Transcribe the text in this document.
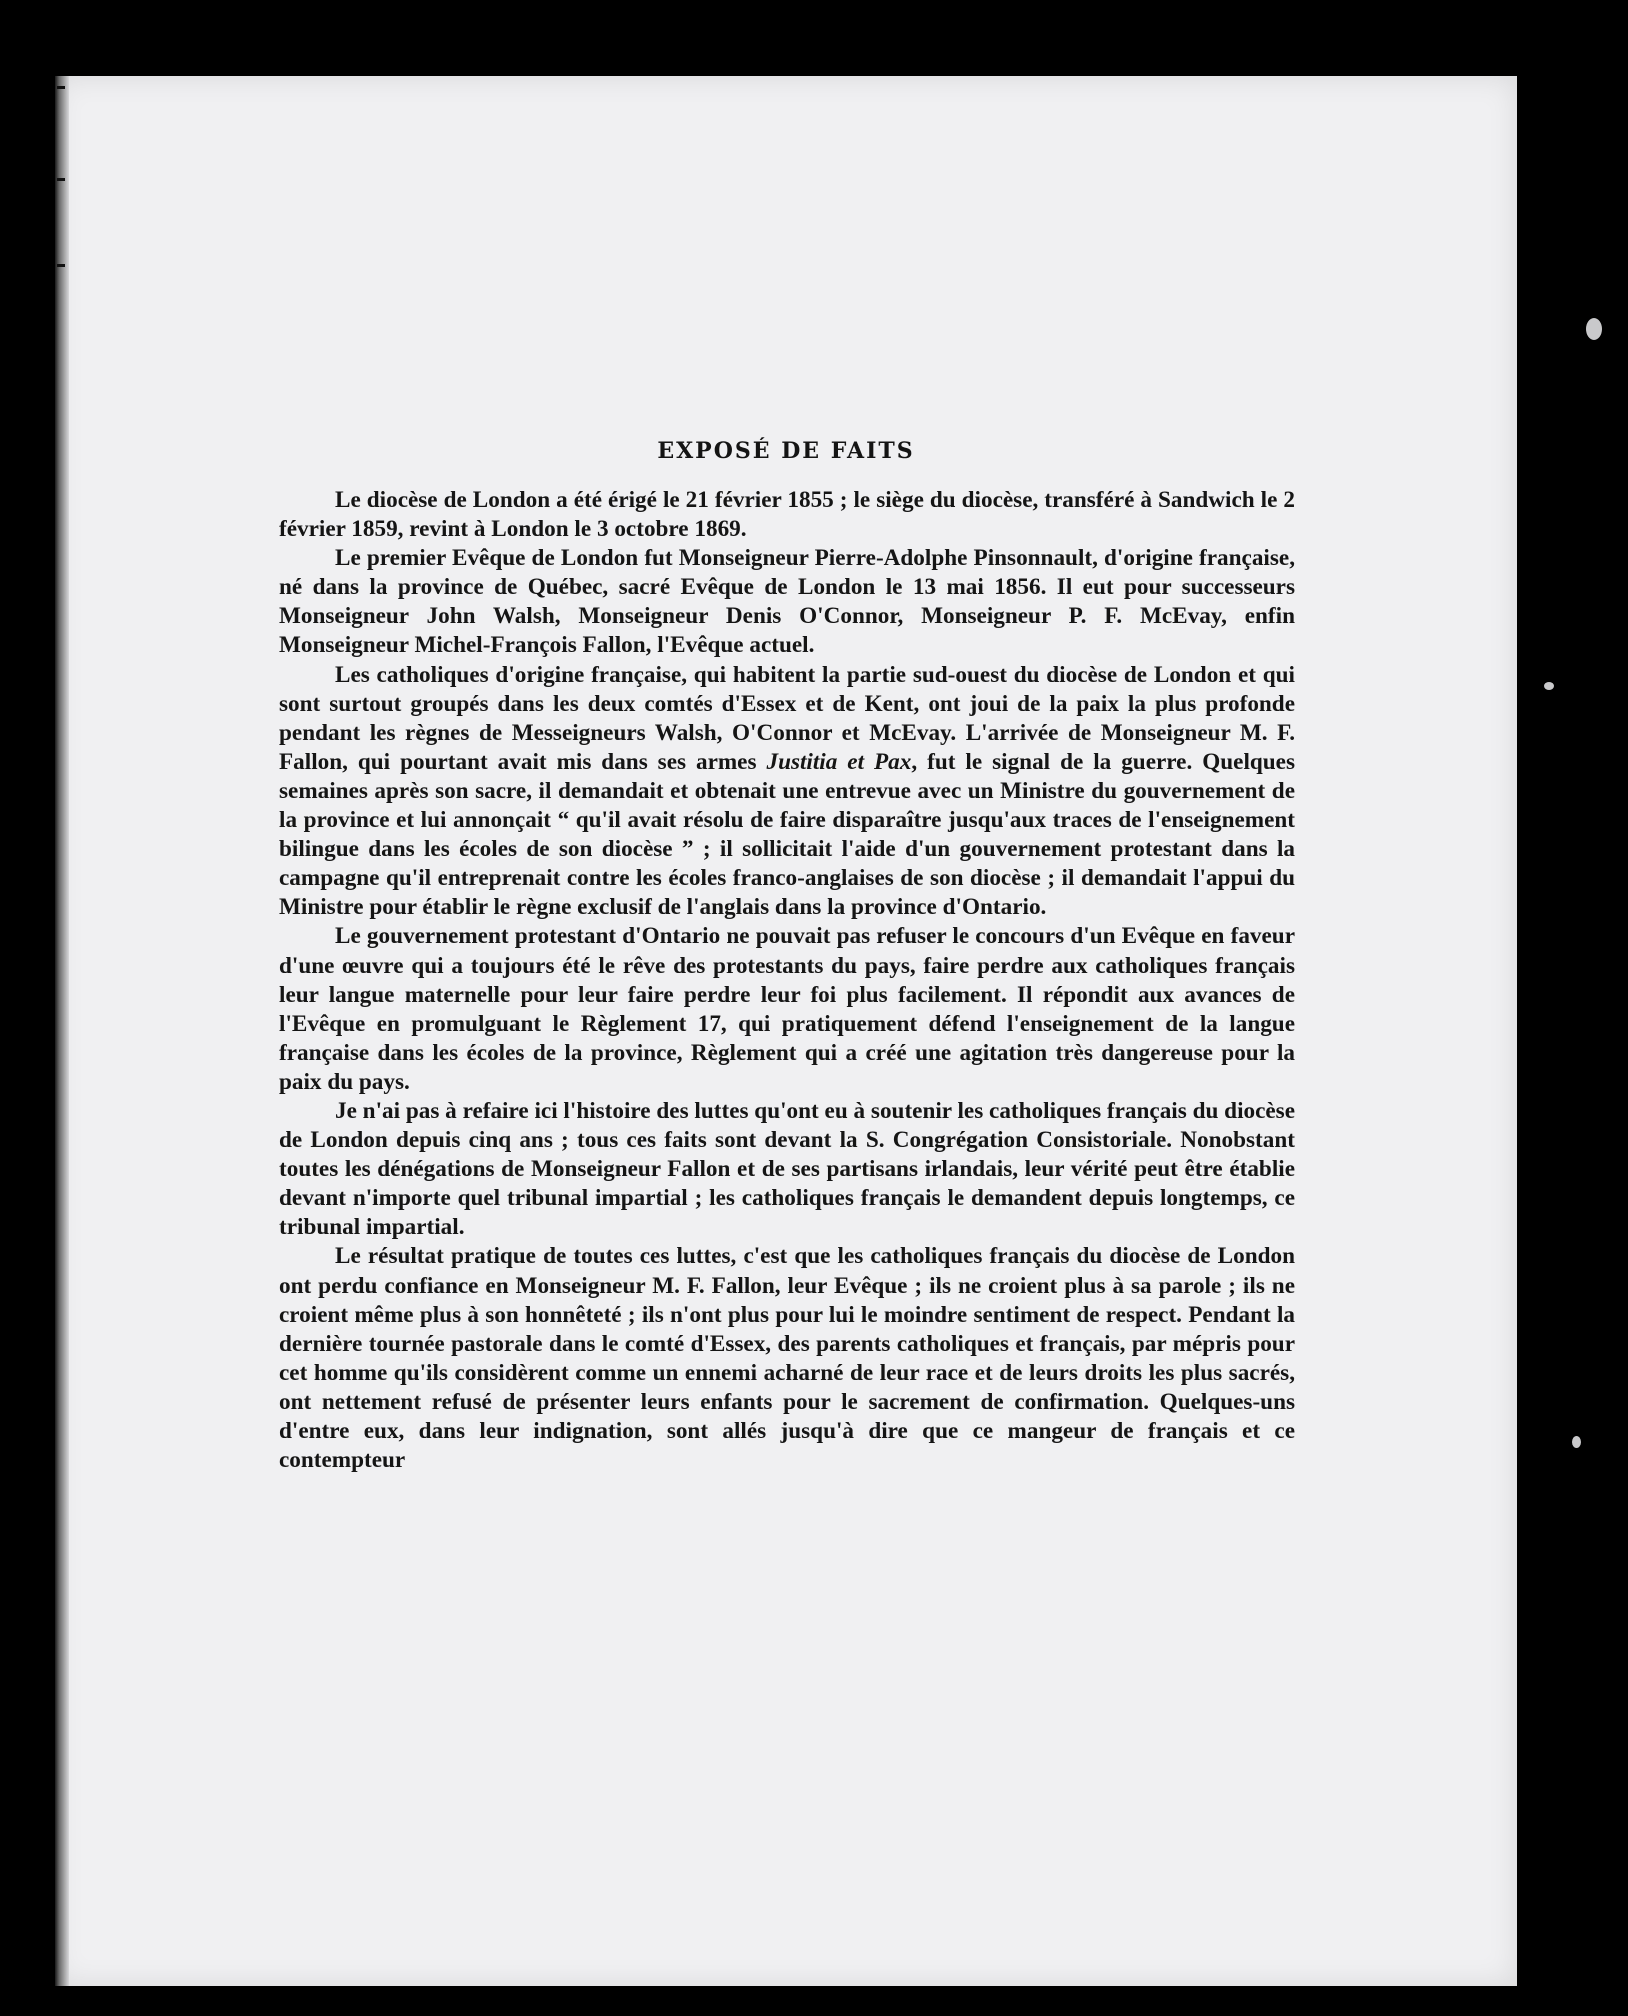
EXPOSÉ DE FAITS

Le diocèse de London a été érigé le 21 février 1855 ; le siège du diocèse, transféré à Sandwich le 2 février 1859, revint à London le 3 octobre 1869.

Le premier Evêque de London fut Monseigneur Pierre-Adolphe Pinsonnault, d'origine française, né dans la province de Québec, sacré Evêque de London le 13 mai 1856. Il eut pour successeurs Monseigneur John Walsh, Monseigneur Denis O'Connor, Monseigneur P. F. McEvay, enfin Monseigneur Michel-François Fallon, l'Evêque actuel.

Les catholiques d'origine française, qui habitent la partie sud-ouest du diocèse de London et qui sont surtout groupés dans les deux comtés d'Essex et de Kent, ont joui de la paix la plus profonde pendant les règnes de Messeigneurs Walsh, O'Connor et McEvay. L'arrivée de Monseigneur M. F. Fallon, qui pourtant avait mis dans ses armes Justitia et Pax, fut le signal de la guerre. Quelques semaines après son sacre, il demandait et obtenait une entrevue avec un Ministre du gouvernement de la province et lui annonçait “ qu'il avait résolu de faire disparaître jusqu'aux traces de l'enseignement bilingue dans les écoles de son diocèse ” ; il sollicitait l'aide d'un gouvernement protestant dans la campagne qu'il entreprenait contre les écoles franco-anglaises de son diocèse ; il demandait l'appui du Ministre pour établir le règne exclusif de l'anglais dans la province d'Ontario.

Le gouvernement protestant d'Ontario ne pouvait pas refuser le concours d'un Evêque en faveur d'une œuvre qui a toujours été le rêve des protestants du pays, faire perdre aux catholiques français leur langue maternelle pour leur faire perdre leur foi plus facilement. Il répondit aux avances de l'Evêque en promulguant le Règlement 17, qui pratiquement défend l'enseignement de la langue française dans les écoles de la province, Règlement qui a créé une agitation très dangereuse pour la paix du pays.

Je n'ai pas à refaire ici l'histoire des luttes qu'ont eu à soutenir les catholiques français du diocèse de London depuis cinq ans ; tous ces faits sont devant la S. Congrégation Consistoriale. Nonobstant toutes les dénégations de Monseigneur Fallon et de ses partisans irlandais, leur vérité peut être établie devant n'importe quel tribunal impartial ; les catholiques français le demandent depuis longtemps, ce tribunal impartial.

Le résultat pratique de toutes ces luttes, c'est que les catholiques français du diocèse de London ont perdu confiance en Monseigneur M. F. Fallon, leur Evêque ; ils ne croient plus à sa parole ; ils ne croient même plus à son honnêteté ; ils n'ont plus pour lui le moindre sentiment de respect. Pendant la dernière tournée pastorale dans le comté d'Essex, des parents catholiques et français, par mépris pour cet homme qu'ils considèrent comme un ennemi acharné de leur race et de leurs droits les plus sacrés, ont nettement refusé de présenter leurs enfants pour le sacrement de confirmation. Quelques-uns d'entre eux, dans leur indignation, sont allés jusqu'à dire que ce mangeur de français et ce contempteur
